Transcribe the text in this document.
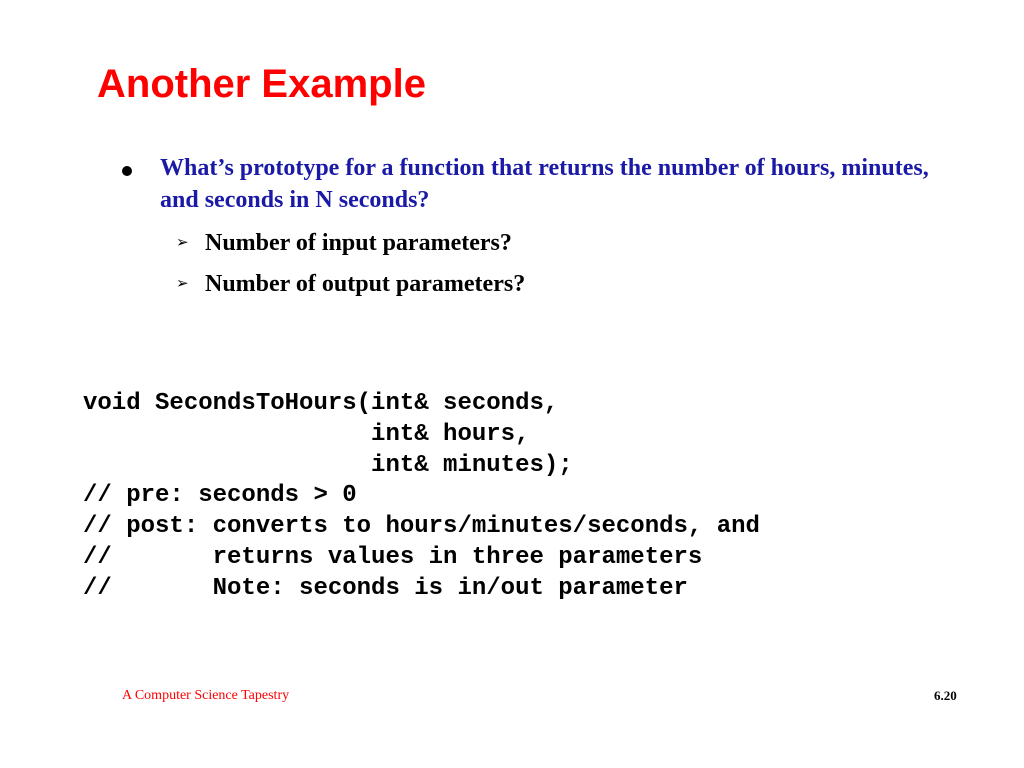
Another Example
What’s prototype for a function that returns the number of hours, minutes, and seconds in N seconds?
➢ Number of input parameters?
➢ Number of output parameters?
void SecondsToHours(int& seconds,
int& hours,
int& minutes);
// pre: seconds > 0
// post: converts to hours/minutes/seconds, and
//       returns values in three parameters
//       Note: seconds is in/out parameter
A Computer Science Tapestry	6.20
